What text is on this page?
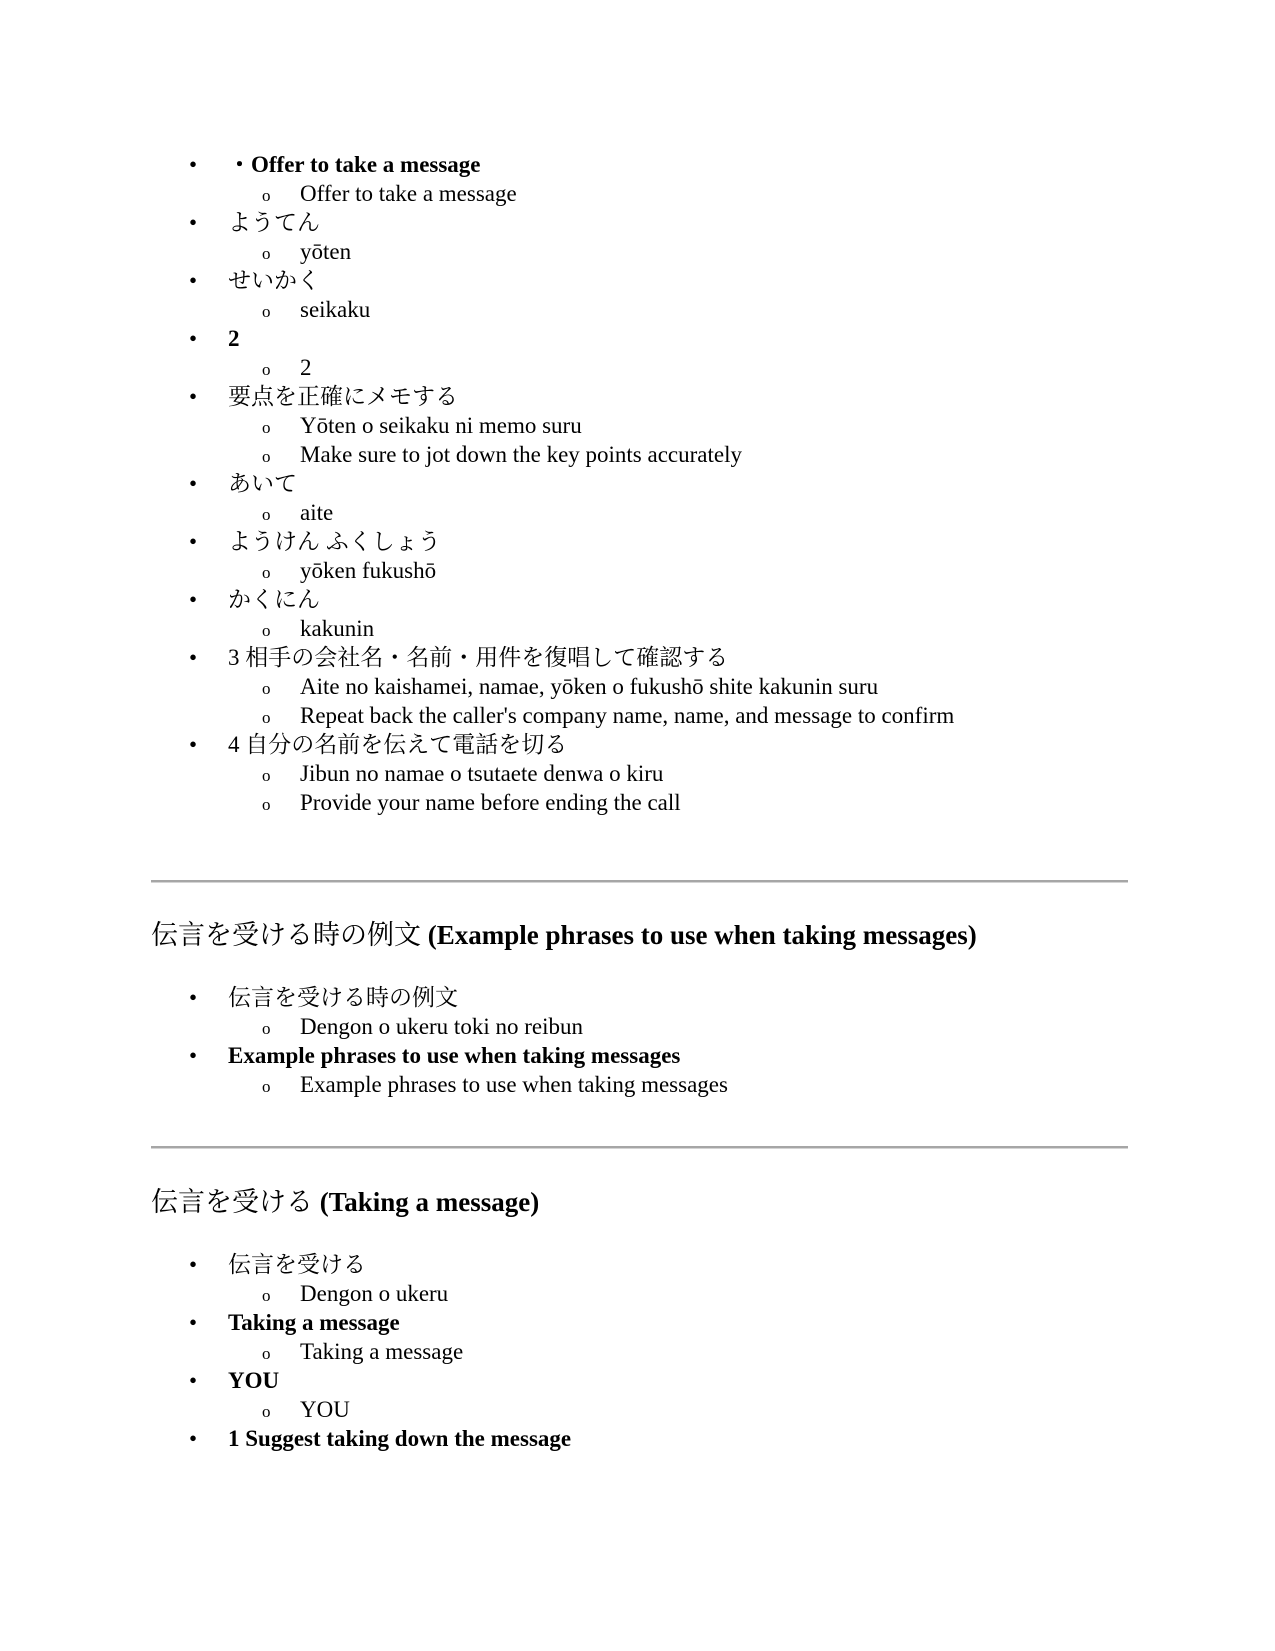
• ・Offer to take a message
o Offer to take a message
• ようてん
o yōten
• せいかく
o seikaku
• 2
o 2
• 要点を正確にメモする
o Yōten o seikaku ni memo suru
o Make sure to jot down the key points accurately
• あいて
o aite
• ようけん ふくしょう
o yōken fukushō
• かくにん
o kakunin
• 3 相手の会社名・名前・用件を復唱して確認する
o Aite no kaishamei, namae, yōken o fukushō shite kakunin suru
o Repeat back the caller's company name, name, and message to confirm
• 4 自分の名前を伝えて電話を切る
o Jibun no namae o tsutaete denwa o kiru
o Provide your name before ending the call
伝言を受ける時の例文 (Example phrases to use when taking messages)
• 伝言を受ける時の例文
o Dengon o ukeru toki no reibun
• Example phrases to use when taking messages
o Example phrases to use when taking messages
伝言を受ける (Taking a message)
• 伝言を受ける
o Dengon o ukeru
• Taking a message
o Taking a message
• YOU
o YOU
• 1 Suggest taking down the message
